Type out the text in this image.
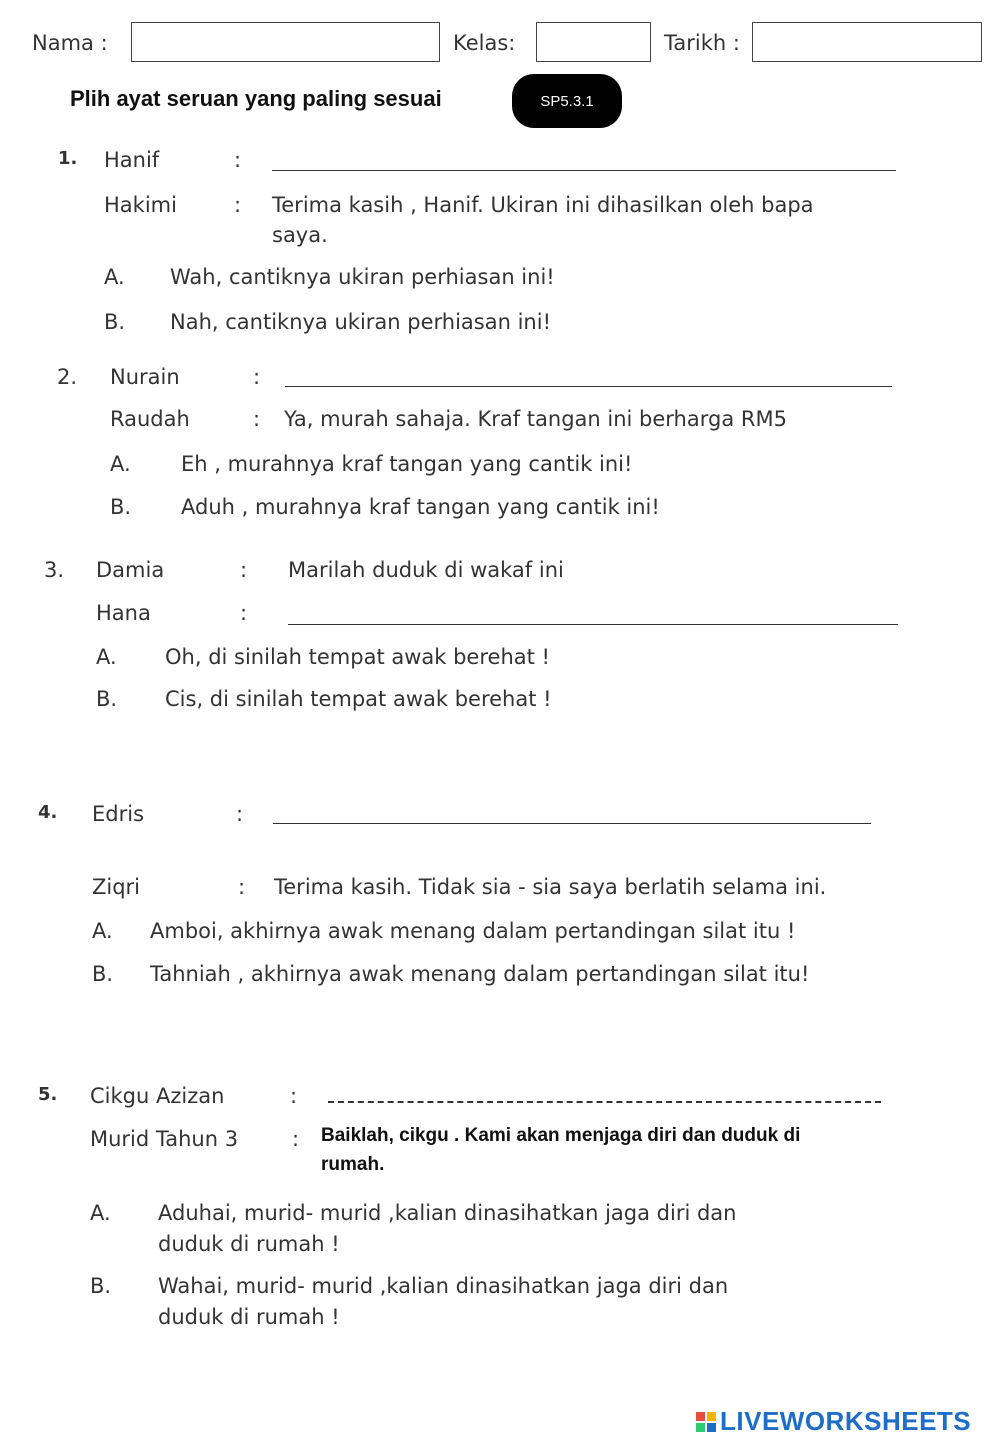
Nama :	Kelas:	Tarikh :
Plih ayat seruan yang paling sesuai	SP5.3.1
1. Hanif	:
Hakimi	: Terima kasih , Hanif. Ukiran ini dihasilkan oleh bapa
saya.
A. Wah, cantiknya ukiran perhiasan ini!
B. Nah, cantiknya ukiran perhiasan ini!
2. Nurain	:
Raudah	: Ya, murah sahaja. Kraf tangan ini berharga RM5
A. Eh , murahnya kraf tangan yang cantik ini!
B. Aduh , murahnya kraf tangan yang cantik ini!
3. Damia	: Marilah duduk di wakaf ini
Hana	:
A. Oh, di sinilah tempat awak berehat !
B. Cis, di sinilah tempat awak berehat !
4. Edris	:
Ziqri	: Terima kasih. Tidak sia - sia saya berlatih selama ini.
A. Amboi, akhirnya awak menang dalam pertandingan silat itu !
B. Tahniah , akhirnya awak menang dalam pertandingan silat itu!
5. Cikgu Azizan	:
Murid Tahun 3	: Baiklah, cikgu . Kami akan menjaga diri dan duduk di
rumah.
A. Aduhai, murid- murid ,kalian dinasihatkan jaga diri dan
duduk di rumah !
B. Wahai, murid- murid ,kalian dinasihatkan jaga diri dan
duduk di rumah !
LIVEWORKSHEETS
